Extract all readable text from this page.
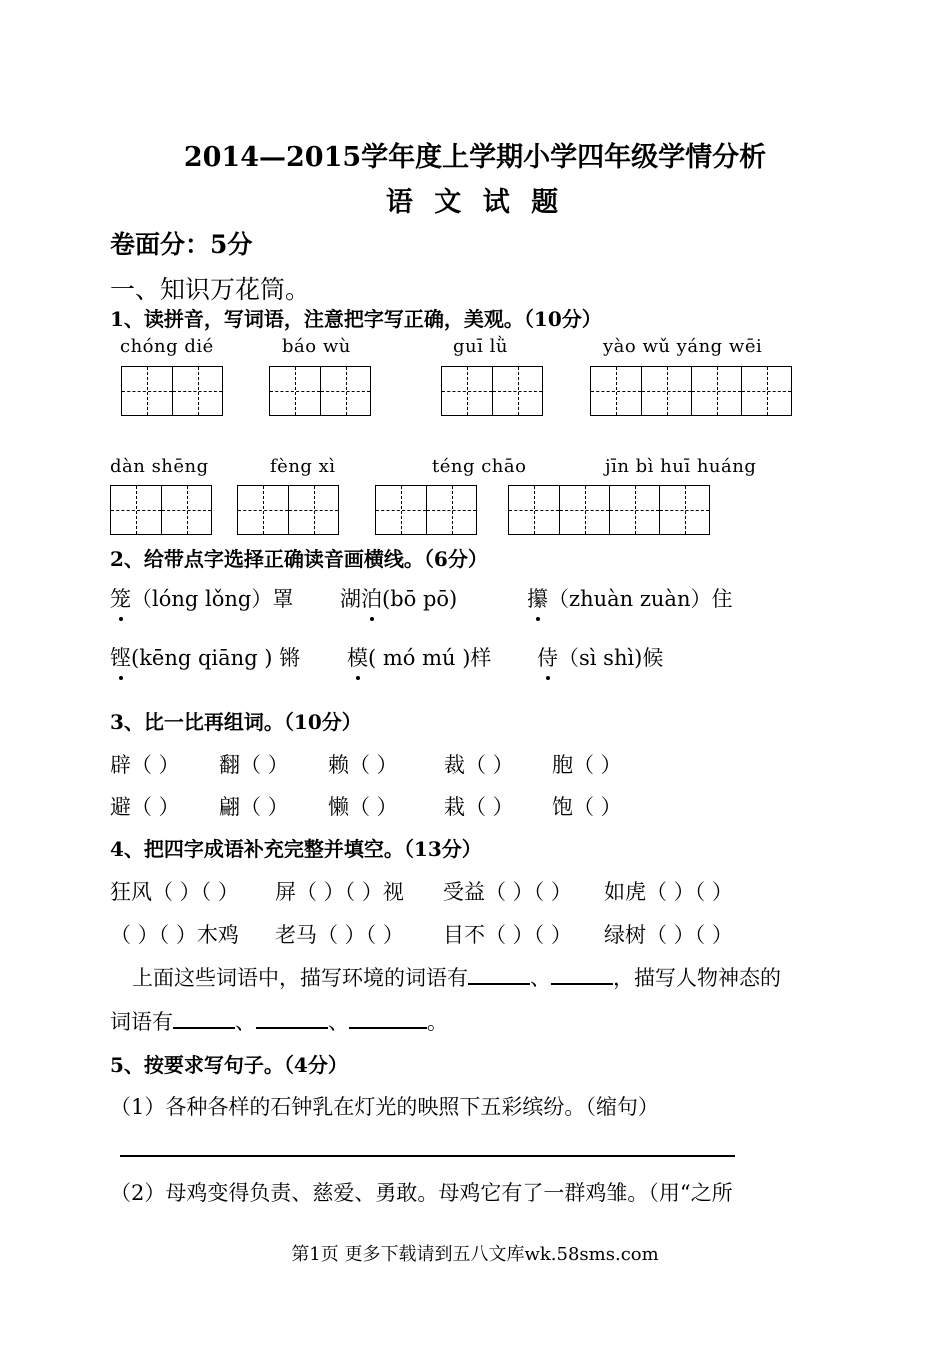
2014—2015学年度上学期小学四年级学情分析
语 文 试 题
卷面分：5分
一、知识万花筒。
1、读拼音，写词语，注意把字写正确，美观。（10分）
chóng dié	báo wù	guī lǜ	yào wǔ yáng wēi
dàn shēng	fèng xì	téng chāo	jīn bì huī huáng
2、给带点字选择正确读音画横线。（6分）
笼（lóng lǒng）罩 湖泊(bō pō)	攥（zhuàn zuàn）住
铿(kēng qiāng ) 锵 模( mó mú )样 侍（sì shì)候
3、比一比再组词。（10分）
辟（ ） 翻（ ） 赖（ ） 裁（ ） 胞（ ）
避（ ） 翩（ ） 懒（ ） 栽（ ） 饱（ ）
4、把四字成语补充完整并填空。（13分）
狂风（ ）（ ） 屏（ ）（ ）视 受益（ ）（ ） 如虎（ ）（ ）
（ ）（ ）木鸡 老马（ ）（ ） 目不（ ）（ ） 绿树（ ）（ ）
上面这些词语中，描写环境的词语有	、	，描写人物神态的
词语有	、	、	。
5、按要求写句子。（4分）
（1）各种各样的石钟乳在灯光的映照下五彩缤纷。（缩句）
（2）母鸡变得负责、慈爱、勇敢。母鸡它有了一群鸡雏。（用“之所
第1页 更多下载请到五八文库wk.58sms.com
